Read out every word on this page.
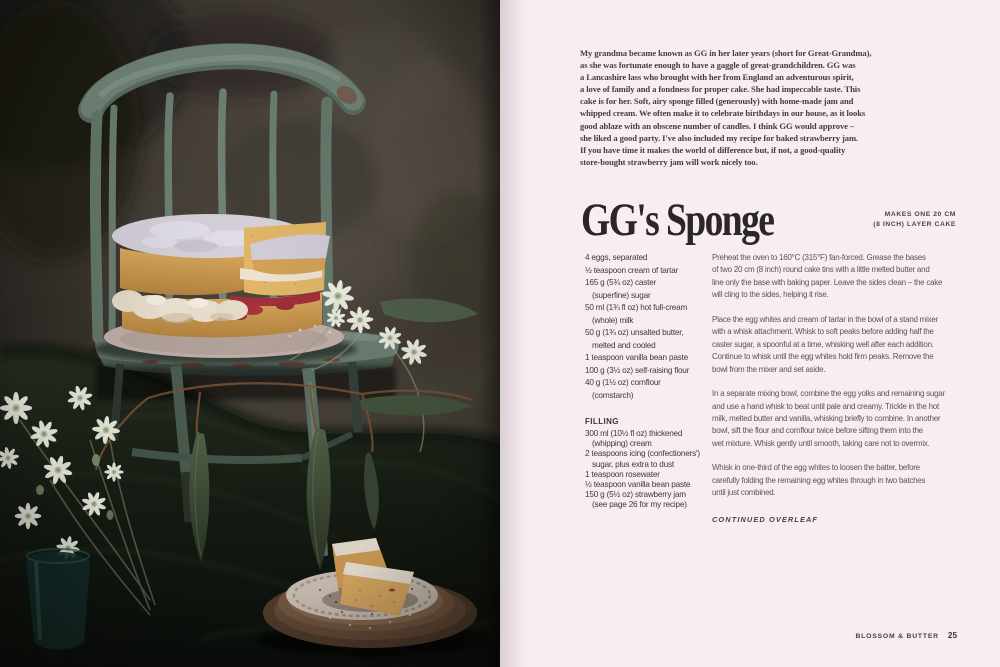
My grandma became known as GG in her later years (short for Great-Grandma),
as she was fortunate enough to have a gaggle of great-grandchildren. GG was
a Lancashire lass who brought with her from England an adventurous spirit,
a love of family and a fondness for proper cake. She had impeccable taste. This
cake is for her. Soft, airy sponge filled (generously) with home-made jam and
whipped cream. We often make it to celebrate birthdays in our house, as it looks
good ablaze with an obscene number of candles. I think GG would approve –
she liked a good party. I've also included my recipe for baked strawberry jam.
If you have time it makes the world of difference but, if not, a good-quality
store-bought strawberry jam will work nicely too.
GG's Sponge	MAKES ONE 20 CM
(8 INCH) LAYER CAKE
4 eggs, separated
½ teaspoon cream of tartar
165 g (5¾ oz) caster
(superfine) sugar
50 ml (1¾ fl oz) hot full-cream
(whole) milk
50 g (1¾ oz) unsalted butter,
melted and cooled
1 teaspoon vanilla bean paste
100 g (3½ oz) self-raising flour
40 g (1½ oz) cornflour
(cornstarch)
FILLING
300 ml (10½ fl oz) thickened
(whipping) cream
2 teaspoons icing (confectioners')
sugar, plus extra to dust
1 teaspoon rosewater
½ teaspoon vanilla bean paste
150 g (5½ oz) strawberry jam
(see page 26 for my recipe)

Preheat the oven to 160°C (315°F) fan-forced. Grease the bases
of two 20 cm (8 inch) round cake tins with a little melted butter and
line only the base with baking paper. Leave the sides clean – the cake
will cling to the sides, helping it rise.

Place the egg whites and cream of tartar in the bowl of a stand mixer
with a whisk attachment. Whisk to soft peaks before adding half the
caster sugar, a spoonful at a time, whisking well after each addition.
Continue to whisk until the egg whites hold firm peaks. Remove the
bowl from the mixer and set aside.

In a separate mixing bowl, combine the egg yolks and remaining sugar
and use a hand whisk to beat until pale and creamy. Trickle in the hot
milk, melted butter and vanilla, whisking briefly to combine. In another
bowl, sift the flour and cornflour twice before sifting them into the
wet mixture. Whisk gently until smooth, taking care not to overmix.

Whisk in one-third of the egg whites to loosen the batter, before
carefully folding the remaining egg whites through in two batches
until just combined.

CONTINUED OVERLEAF
BLOSSOM & BUTTER 25
